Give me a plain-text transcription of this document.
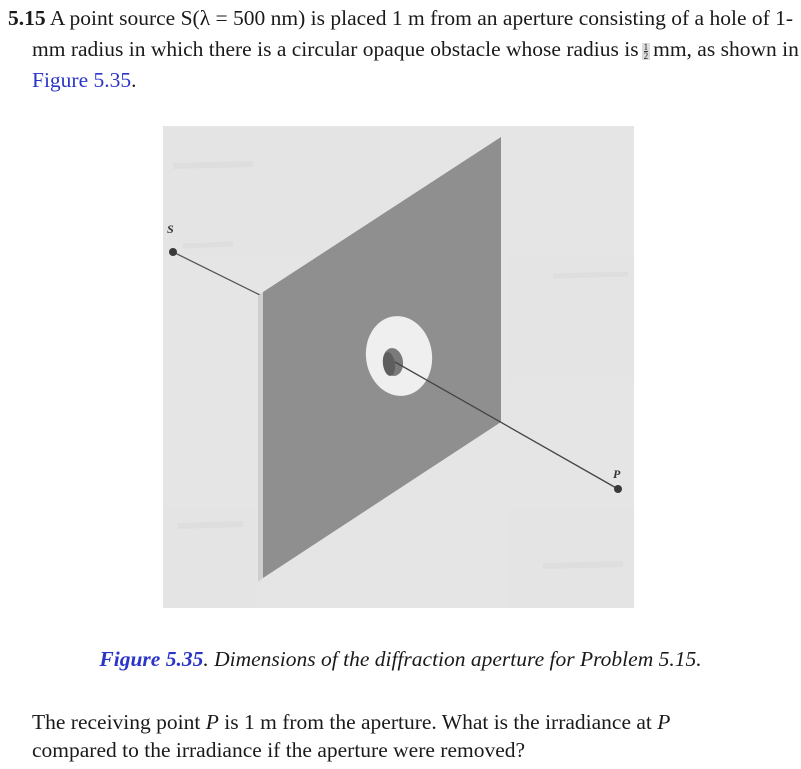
5.15 A point source S(λ = 500 nm) is placed 1 m from an aperture consisting of a hole of 1-mm radius in which there is a circular opaque obstacle whose radius is $\frac{1}{2}$ mm, as shown in Figure 5.35.
S
P
Figure 5.35. Dimensions of the diffraction aperture for Problem 5.15.
The receiving point P is 1 m from the aperture. What is the irradiance at P
compared to the irradiance if the aperture were removed?
